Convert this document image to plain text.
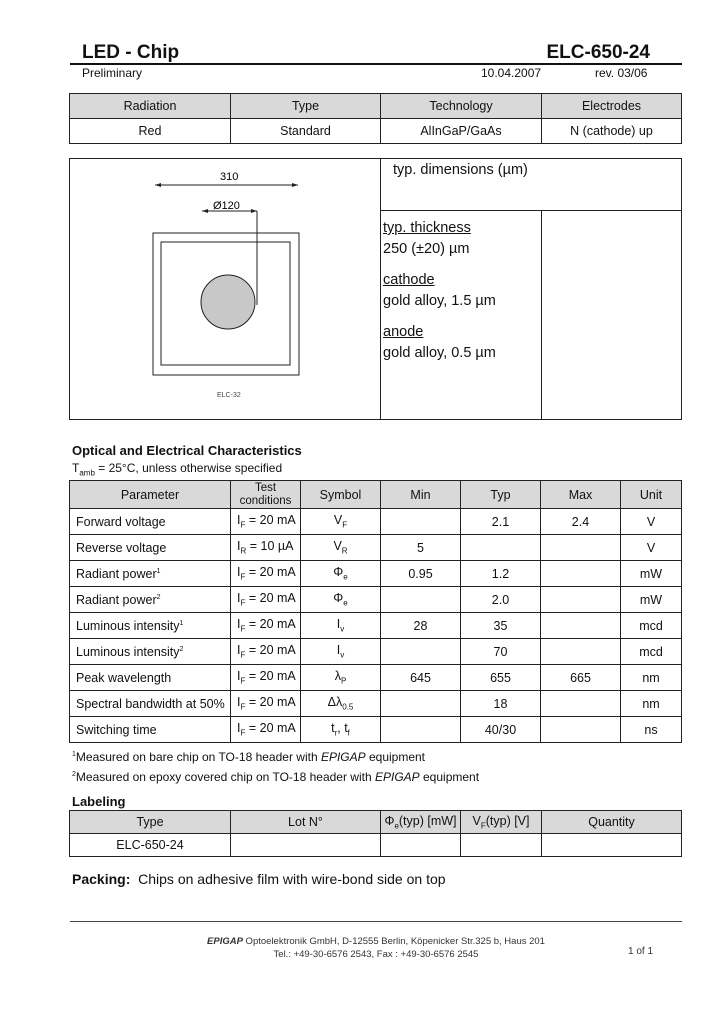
LED - Chip	ELC-650-24
Preliminary	10.04.2007	rev. 03/06
Radiation	Type	Technology	Electrodes
Red	Standard	AlInGaP/GaAs	N (cathode) up
310
Ø120
ELC-32
typ. dimensions (µm)
typ. thickness
250 (±20) µm
cathode
gold alloy, 1.5 µm
anode
gold alloy, 0.5 µm
Optical and Electrical Characteristics
$T_{amb} = 25^\circ C$, unless otherwise specified
Parameter	Test conditions	Symbol	Min	Typ	Max	Unit
Forward voltage	$I_F = 20$ mA	$V_F$		2.1	2.4	V
Reverse voltage	$I_R = 10$ µA	$V_R$	5			V
Radiant power$^1$	$I_F = 20$ mA	$\Phi_e$	0.95	1.2		mW
Radiant power$^2$	$I_F = 20$ mA	$\Phi_e$		2.0		mW
Luminous intensity$^1$	$I_F = 20$ mA	$I_v$	28	35		mcd
Luminous intensity$^2$	$I_F = 20$ mA	$I_v$		70		mcd
Peak wavelength	$I_F = 20$ mA	$\lambda_P$	645	655	665	nm
Spectral bandwidth at 50%	$I_F = 20$ mA	$\Delta\lambda_{0.5}$		18		nm
Switching time	$I_F = 20$ mA	$t_r$, $t_f$		40/30		ns
$^1$Measured on bare chip on TO-18 header with EPIGAP equipment
$^2$Measured on epoxy covered chip on TO-18 header with EPIGAP equipment
Labeling
Type	Lot N°	$\Phi_e(typ)$ [mW]	$V_F(typ)$ [V]	Quantity
ELC-650-24				
Packing: Chips on adhesive film with wire-bond side on top
EPIGAP Optoelektronik GmbH, D-12555 Berlin, Köpenicker Str.325 b, Haus 201
Tel.: +49-30-6576 2543, Fax : +49-30-6576 2545	1 of 1
